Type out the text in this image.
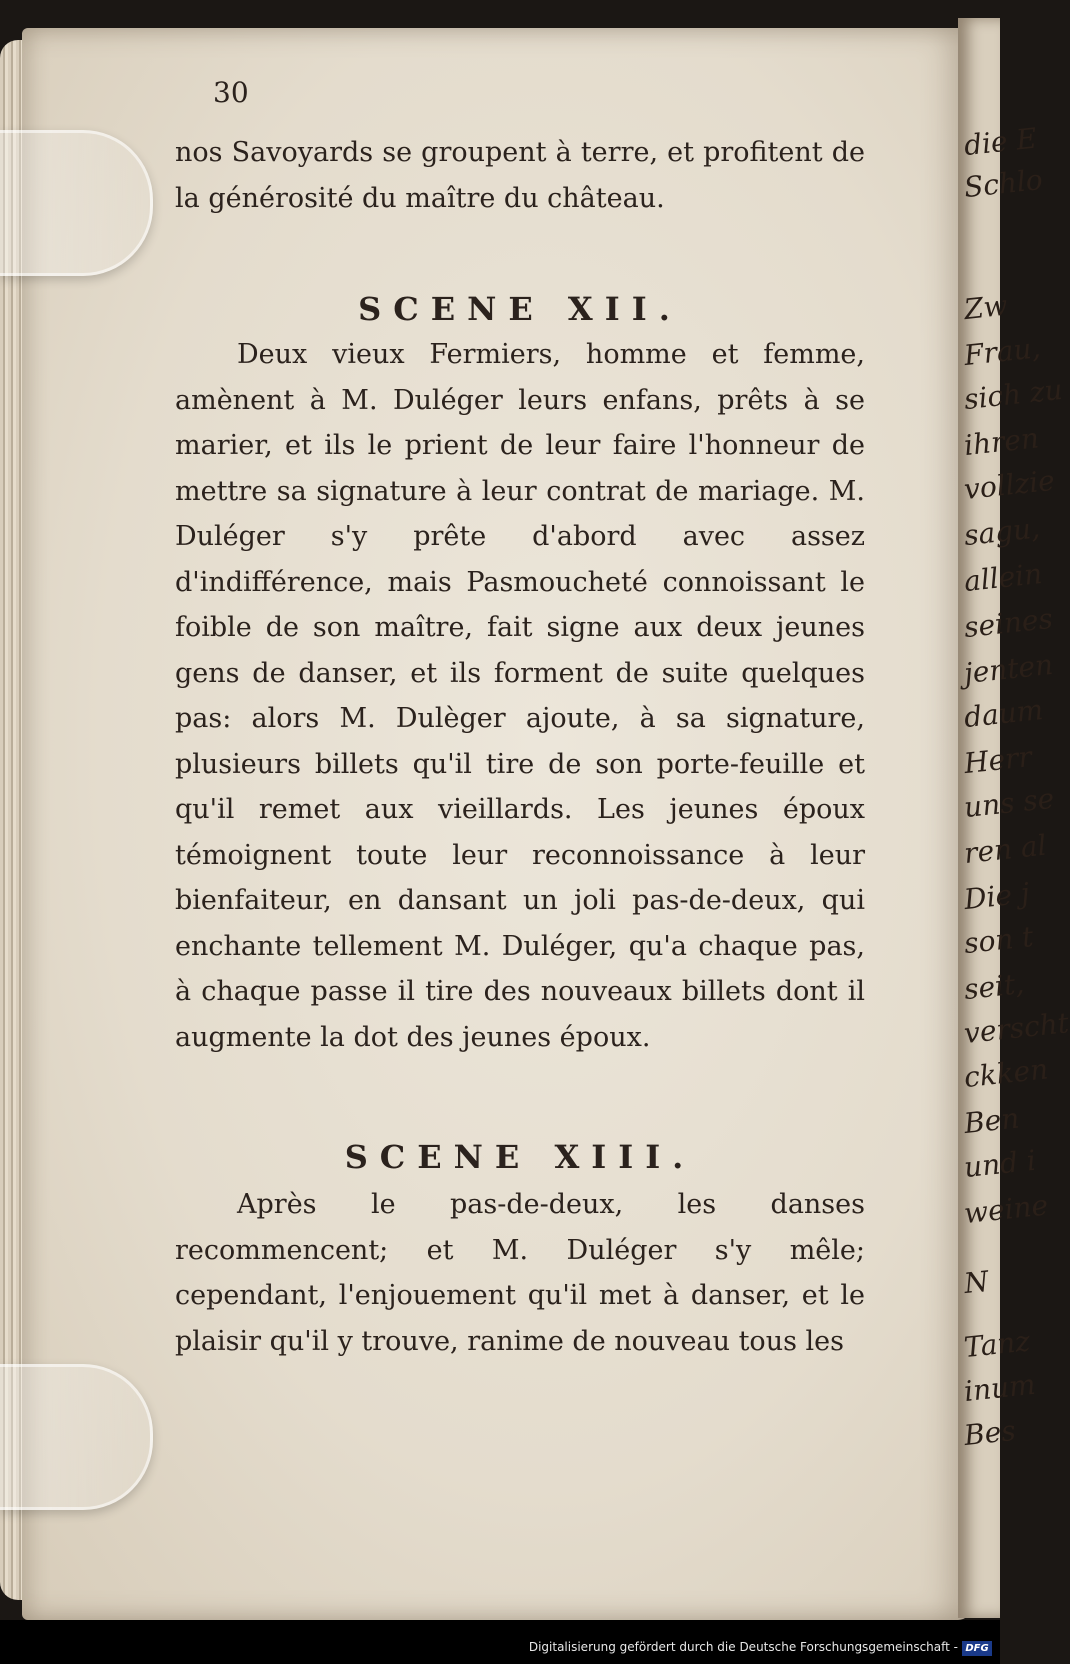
die E
Schlo
Zw
Frau,
sich zu
ihren
vollzie
sagu,
allein
seines
jenten
daum
Herr
uns se
ren al
Die j
son t
seit,
verscht
ckken
Ben
und i
weine
N
Tanz
inum
Bes
30

nos Savoyards se groupent à terre, et profitent de la générosité du maître du château.

SCENE XII.

Deux vieux Fermiers, homme et femme, amènent à M. Duléger leurs enfans, prêts à se marier, et ils le prient de leur faire l'honneur de mettre sa signature à leur contrat de mariage. M. Duléger s'y prête d'abord avec assez d'indifférence, mais Pasmoucheté connoissant le foible de son maître, fait signe aux deux jeunes gens de danser, et ils forment de suite quelques pas: alors M. Dulèger ajoute, à sa signature, plusieurs billets qu'il tire de son porte-feuille et qu'il remet aux vieillards. Les jeunes époux témoignent toute leur reconnoissance à leur bienfaiteur, en dansant un joli pas-de-deux, qui enchante tellement M. Duléger, qu'a chaque pas, à chaque passe il tire des nouveaux billets dont il augmente la dot des jeunes époux.

SCENE XIII.

Après le pas-de-deux, les danses recommencent; et M. Duléger s'y mêle; cependant, l'enjouement qu'il met à danser, et le plaisir qu'il y trouve, ranime de nouveau tous les

Digitalisierung gefördert durch die Deutsche Forschungsgemeinschaft - DFG
